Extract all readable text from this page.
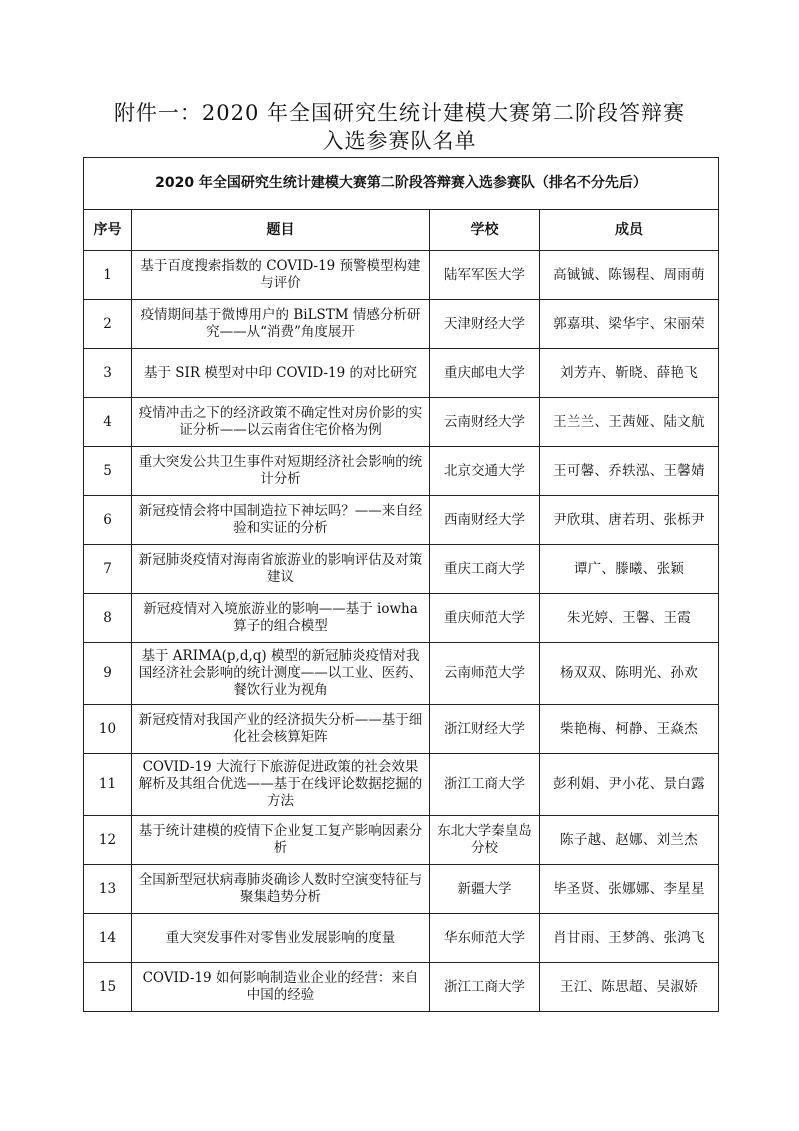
附件一：2020 年全国研究生统计建模大赛第二阶段答辩赛
入选参赛队名单
2020 年全国研究生统计建模大赛第二阶段答辩赛入选参赛队（排名不分先后）			
序号	题目	学校	成员
1	基于百度搜索指数的 COVID-19 预警模型构建与评价	陆军军医大学	高铖铖、陈锡程、周雨萌
2	疫情期间基于微博用户的 BiLSTM 情感分析研究——从“消费”角度展开	天津财经大学	郭嘉琪、梁华宇、宋丽荣
3	基于 SIR 模型对中印 COVID-19 的对比研究	重庆邮电大学	刘芳卉、靳晓、薛艳飞
4	疫情冲击之下的经济政策不确定性对房价影的实证分析——以云南省住宅价格为例	云南财经大学	王兰兰、王茜娅、陆文航
5	重大突发公共卫生事件对短期经济社会影响的统计分析	北京交通大学	王可馨、乔轶泓、王馨婧
6	新冠疫情会将中国制造拉下神坛吗？——来自经验和实证的分析	西南财经大学	尹欣琪、唐若玥、张栎尹
7	新冠肺炎疫情对海南省旅游业的影响评估及对策建议	重庆工商大学	谭广、滕曦、张颖
8	新冠疫情对入境旅游业的影响——基于 iowha 算子的组合模型	重庆师范大学	朱光婷、王馨、王霞
9	基于 ARIMA(p,d,q) 模型的新冠肺炎疫情对我国经济社会影响的统计测度——以工业、医药、餐饮行业为视角	云南师范大学	杨双双、陈明光、孙欢
10	新冠疫情对我国产业的经济损失分析——基于细化社会核算矩阵	浙江财经大学	柴艳梅、柯静、王焱杰
11	COVID-19 大流行下旅游促进政策的社会效果解析及其组合优选——基于在线评论数据挖掘的方法	浙江工商大学	彭利娟、尹小花、景白露
12	基于统计建模的疫情下企业复工复产影响因素分析	东北大学秦皇岛分校	陈子越、赵娜、刘兰杰
13	全国新型冠状病毒肺炎确诊人数时空演变特征与聚集趋势分析	新疆大学	毕圣贤、张娜娜、李星星
14	重大突发事件对零售业发展影响的度量	华东师范大学	肖甘雨、王梦鸽、张鸿飞
15	COVID-19 如何影响制造业企业的经营：来自中国的经验	浙江工商大学	王江、陈思超、吴淑娇
